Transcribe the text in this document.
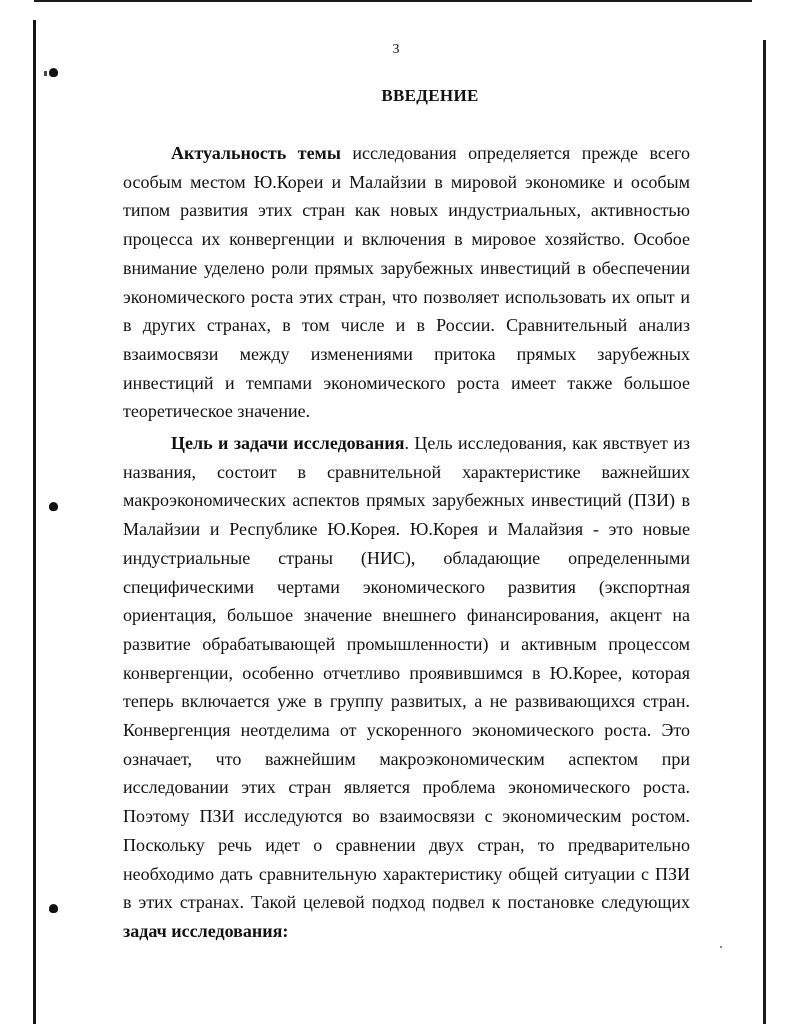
3
ВВЕДЕНИЕ

Актуальность темы исследования определяется прежде всего особым местом Ю.Кореи и Малайзии в мировой экономике и особым типом развития этих стран как новых индустриальных, активностью процесса их конвергенции и включения в мировое хозяйство. Особое внимание уделено роли прямых зарубежных инвестиций в обеспечении экономического роста этих стран, что позволяет использовать их опыт и в других странах, в том числе и в России. Сравнительный анализ взаимосвязи между изменениями притока прямых зарубежных инвестиций и темпами экономического роста имеет также большое теоретическое значение.

Цель и задачи исследования. Цель исследования, как явствует из названия, состоит в сравнительной характеристике важнейших макроэкономических аспектов прямых зарубежных инвестиций (ПЗИ) в Малайзии и Республике Ю.Корея. Ю.Корея и Малайзия - это новые индустриальные страны (НИС), обладающие определенными специфическими чертами экономического развития (экспортная ориентация, большое значение внешнего финансирования, акцент на развитие обрабатывающей промышленности) и активным процессом конвергенции, особенно отчетливо проявившимся в Ю.Корее, которая теперь включается уже в группу развитых, а не развивающихся стран. Конвергенция неотделима от ускоренного экономического роста. Это означает, что важнейшим макроэкономическим аспектом при исследовании этих стран является проблема экономического роста. Поэтому ПЗИ исследуются во взаимосвязи с экономическим ростом. Поскольку речь идет о сравнении двух стран, то предварительно необходимо дать сравнительную характеристику общей ситуации с ПЗИ в этих странах. Такой целевой подход подвел к постановке следующих задач исследования:
